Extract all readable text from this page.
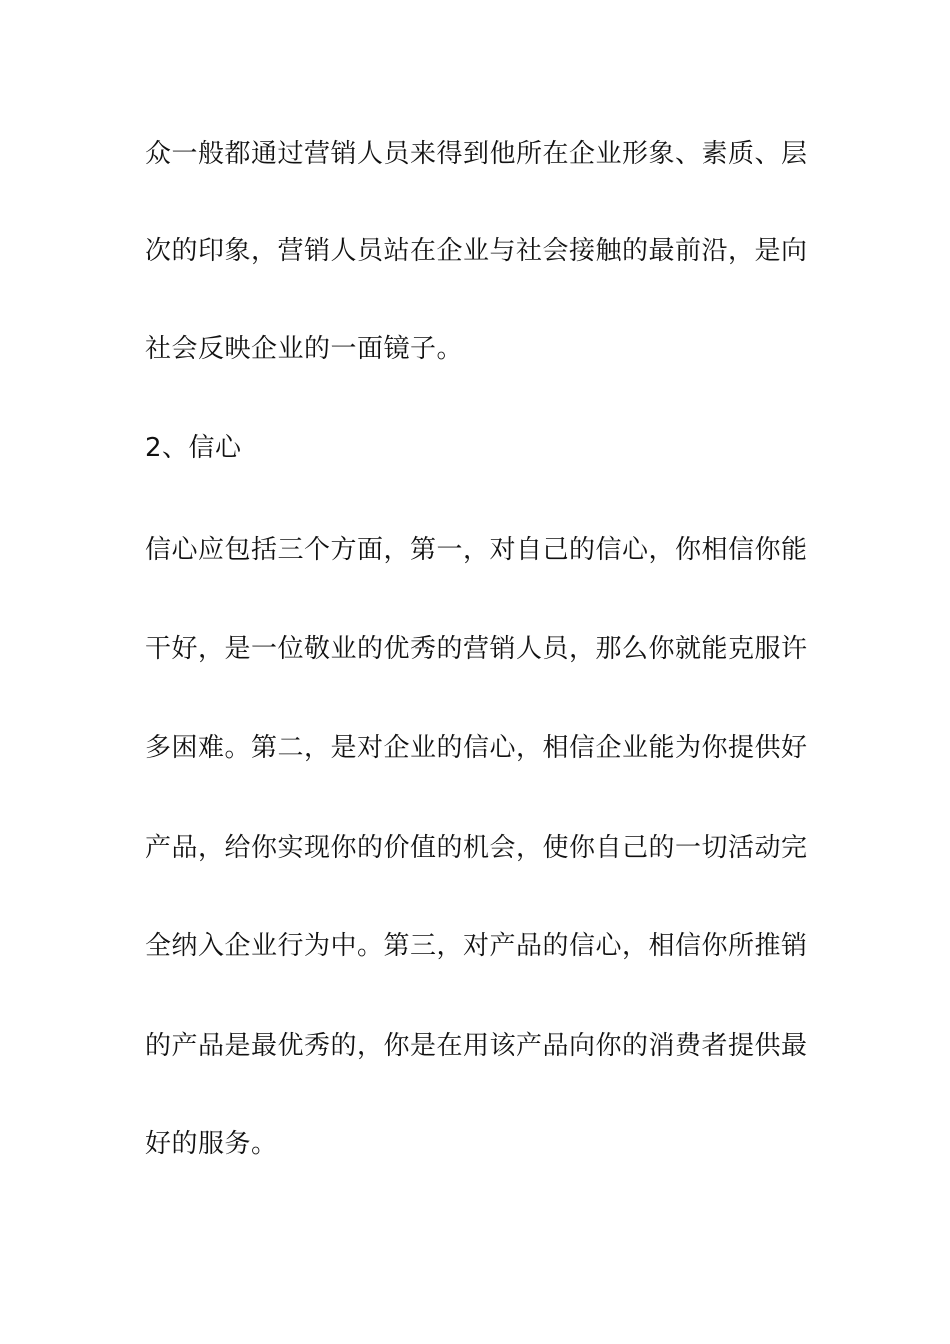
众一般都通过营销人员来得到他所在企业形象、素质、层
次的印象，营销人员站在企业与社会接触的最前沿，是向
社会反映企业的一面镜子。
2、信心
信心应包括三个方面，第一，对自己的信心，你相信你能
干好，是一位敬业的优秀的营销人员，那么你就能克服许
多困难。第二，是对企业的信心，相信企业能为你提供好
产品，给你实现你的价值的机会，使你自己的一切活动完
全纳入企业行为中。第三，对产品的信心，相信你所推销
的产品是最优秀的，你是在用该产品向你的消费者提供最
好的服务。
